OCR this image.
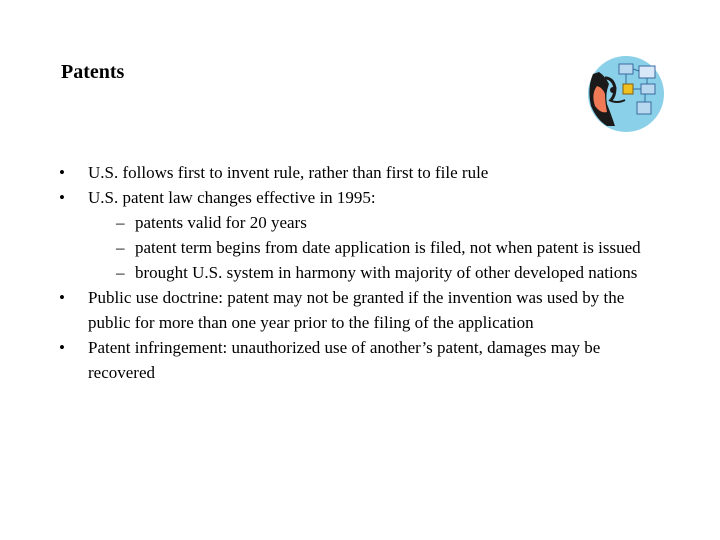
Patents
•	U.S. follows first to invent rule, rather than first to file rule
•	U.S. patent law changes effective in 1995:
– patents valid for 20 years
– patent term begins from date application is filed, not when patent is issued
– brought U.S. system in harmony with majority of other developed nations
•	Public use doctrine: patent may not be granted if the invention was used by the public for more than one year prior to the filing of the application
•	Patent infringement: unauthorized use of another’s patent, damages may be recovered
